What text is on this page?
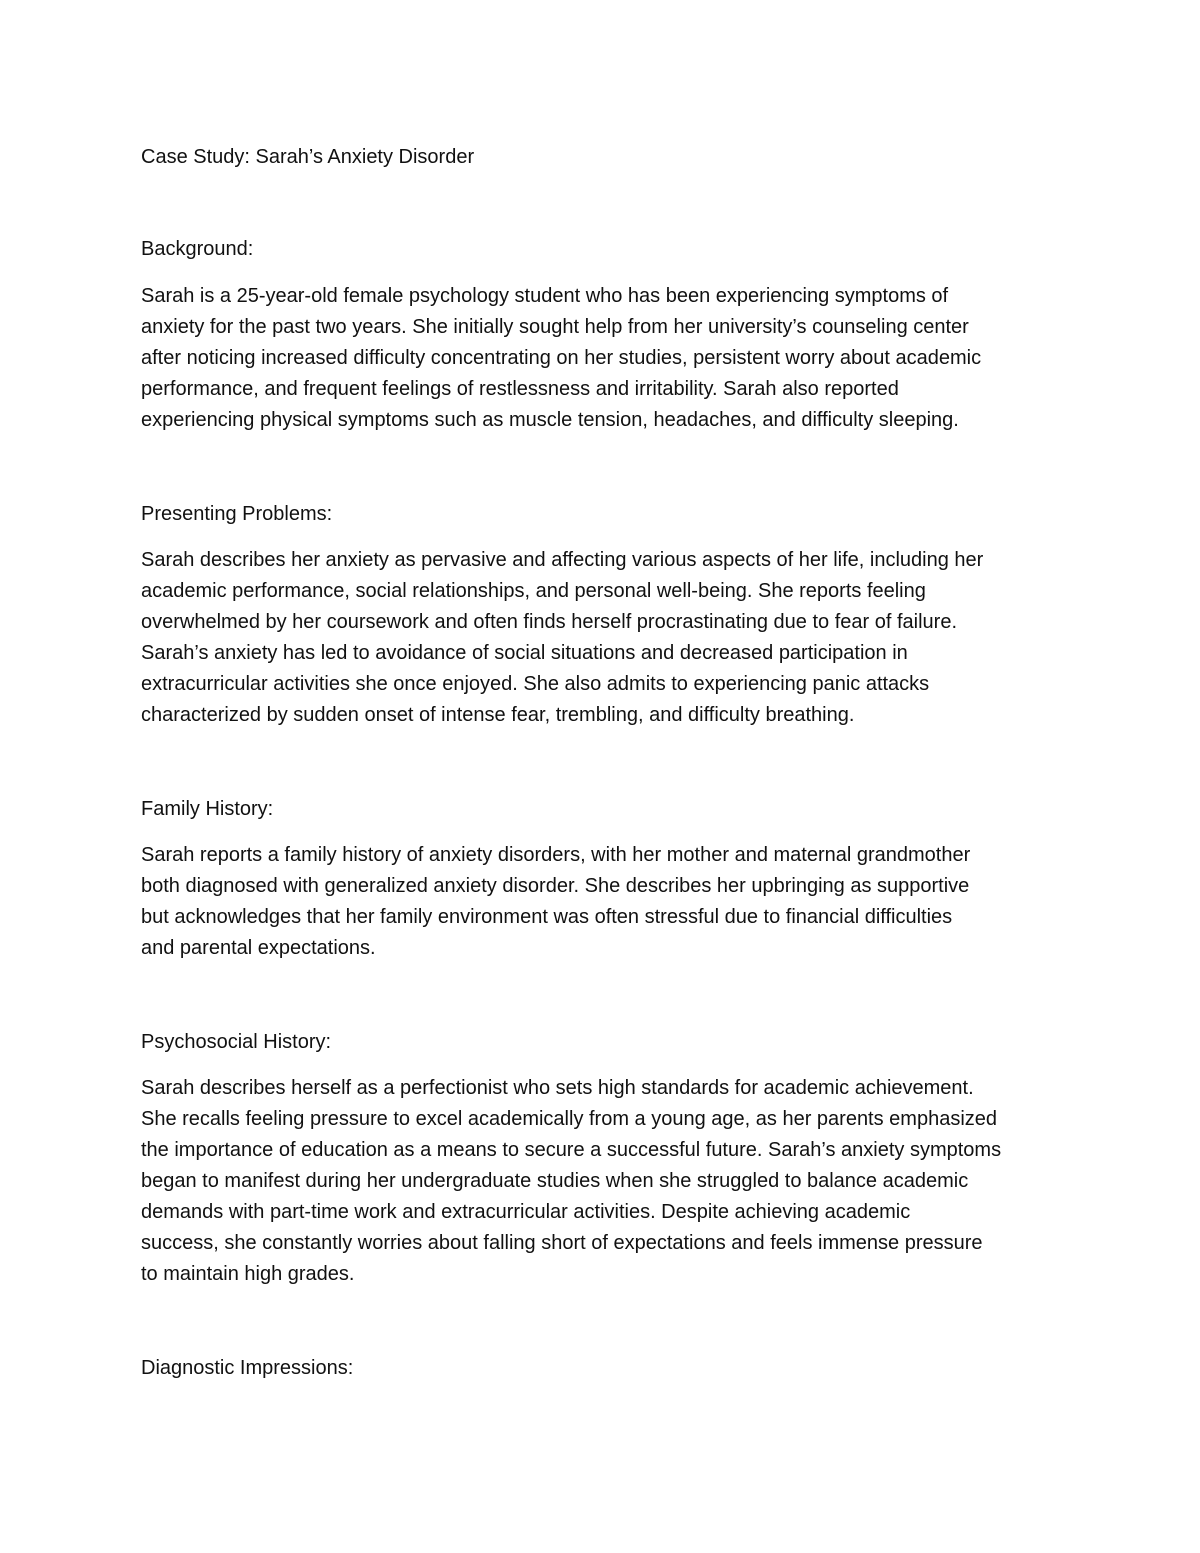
Case Study: Sarah’s Anxiety Disorder

Background:

Sarah is a 25-year-old female psychology student who has been experiencing symptoms of
anxiety for the past two years. She initially sought help from her university’s counseling center
after noticing increased difficulty concentrating on her studies, persistent worry about academic
performance, and frequent feelings of restlessness and irritability. Sarah also reported
experiencing physical symptoms such as muscle tension, headaches, and difficulty sleeping.

Presenting Problems:

Sarah describes her anxiety as pervasive and affecting various aspects of her life, including her
academic performance, social relationships, and personal well-being. She reports feeling
overwhelmed by her coursework and often finds herself procrastinating due to fear of failure.
Sarah’s anxiety has led to avoidance of social situations and decreased participation in
extracurricular activities she once enjoyed. She also admits to experiencing panic attacks
characterized by sudden onset of intense fear, trembling, and difficulty breathing.

Family History:

Sarah reports a family history of anxiety disorders, with her mother and maternal grandmother
both diagnosed with generalized anxiety disorder. She describes her upbringing as supportive
but acknowledges that her family environment was often stressful due to financial difficulties
and parental expectations.

Psychosocial History:

Sarah describes herself as a perfectionist who sets high standards for academic achievement.
She recalls feeling pressure to excel academically from a young age, as her parents emphasized
the importance of education as a means to secure a successful future. Sarah’s anxiety symptoms
began to manifest during her undergraduate studies when she struggled to balance academic
demands with part-time work and extracurricular activities. Despite achieving academic
success, she constantly worries about falling short of expectations and feels immense pressure
to maintain high grades.

Diagnostic Impressions:
